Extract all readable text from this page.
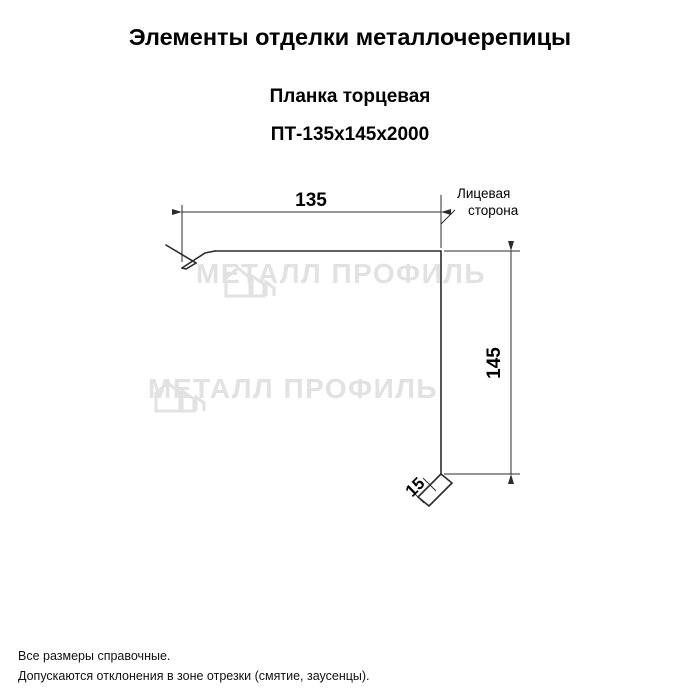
Элементы отделки металлочерепицы
Планка торцевая
ПТ-135х145х2000
МЕТАЛЛ ПРОФИЛЬ
МЕТАЛЛ ПРОФИЛЬ
135
145
15
Лицевая
сторона
Все размеры справочные.
Допускаются отклонения в зоне отрезки (смятие, заусенцы).
